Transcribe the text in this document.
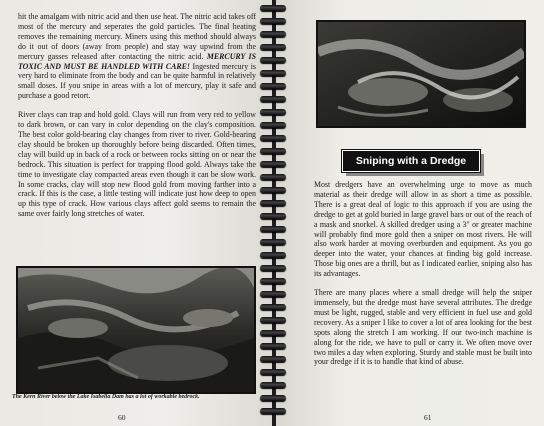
hit the amalgam with nitric acid and then use heat. The nitric acid takes off most of the mercury and seperates the gold particles. The final heating removes the remaining mercury. Miners using this method should always do it out of doors (away from people) and stay way upwind from the mercury gasses released after contacting the nitric acid. MERCURY IS TOXIC AND MUST BE HANDLED WITH CARE! Ingested mercury is very hard to eliminate from the body and can be quite harmful in relatively small doses. If you snipe in areas with a lot of mercury, play it safe and purchase a good retort.

River clays can trap and hold gold. Clays will run from very red to yellow to dark brown, or can vary in color depending on the clay's composition. The best color gold-bearing clay changes from river to river. Gold-bearing clay should be broken up thoroughly before being discarded. Often times, clay will build up in back of a rock or between rocks sitting on or near the bedrock. This situation is perfect for trapping flood gold. Always take the time to investigate clay compacted areas even though it can be slow work. In some cracks, clay will stop new flood gold from moving farther into a crack. If this is the case, a little testing will indicate just how deep to open up this type of crack. How various clays affect gold seems to remain the same over fairly long stretches of water.

The Kern River below the Lake Isabella Dam has a lot of workable bedrock.
60
Sniping with a Dredge

Most dredgers have an overwhelming urge to move as much material as their dredge will allow in as short a time as possible. There is a great deal of logic to this approach if you are using the dredge to get at gold buried in large gravel bars or out of the reach of a mask and snorkel. A skilled dredger using a 3" or greater machine will probably find more gold then a sniper on most rivers. He will also work harder at moving overburden and equipment. As you go deeper into the water, your chances at finding big gold increase. Those big ones are a thrill, but as I indicated earlier, sniping also has its advantages.

There are many places where a small dredge will help the sniper immensely, but the dredge must have several attributes. The dredge must be light, rugged, stable and very efficient in fuel use and gold recovery. As a sniper I like to cover a lot of area looking for the best spots along the stretch I am working. If our two-inch machine is along for the ride, we have to pull or carry it. We often move over two miles a day when exploring. Sturdy and stable must be built into your dredge if it is to handle that kind of abuse.

61
